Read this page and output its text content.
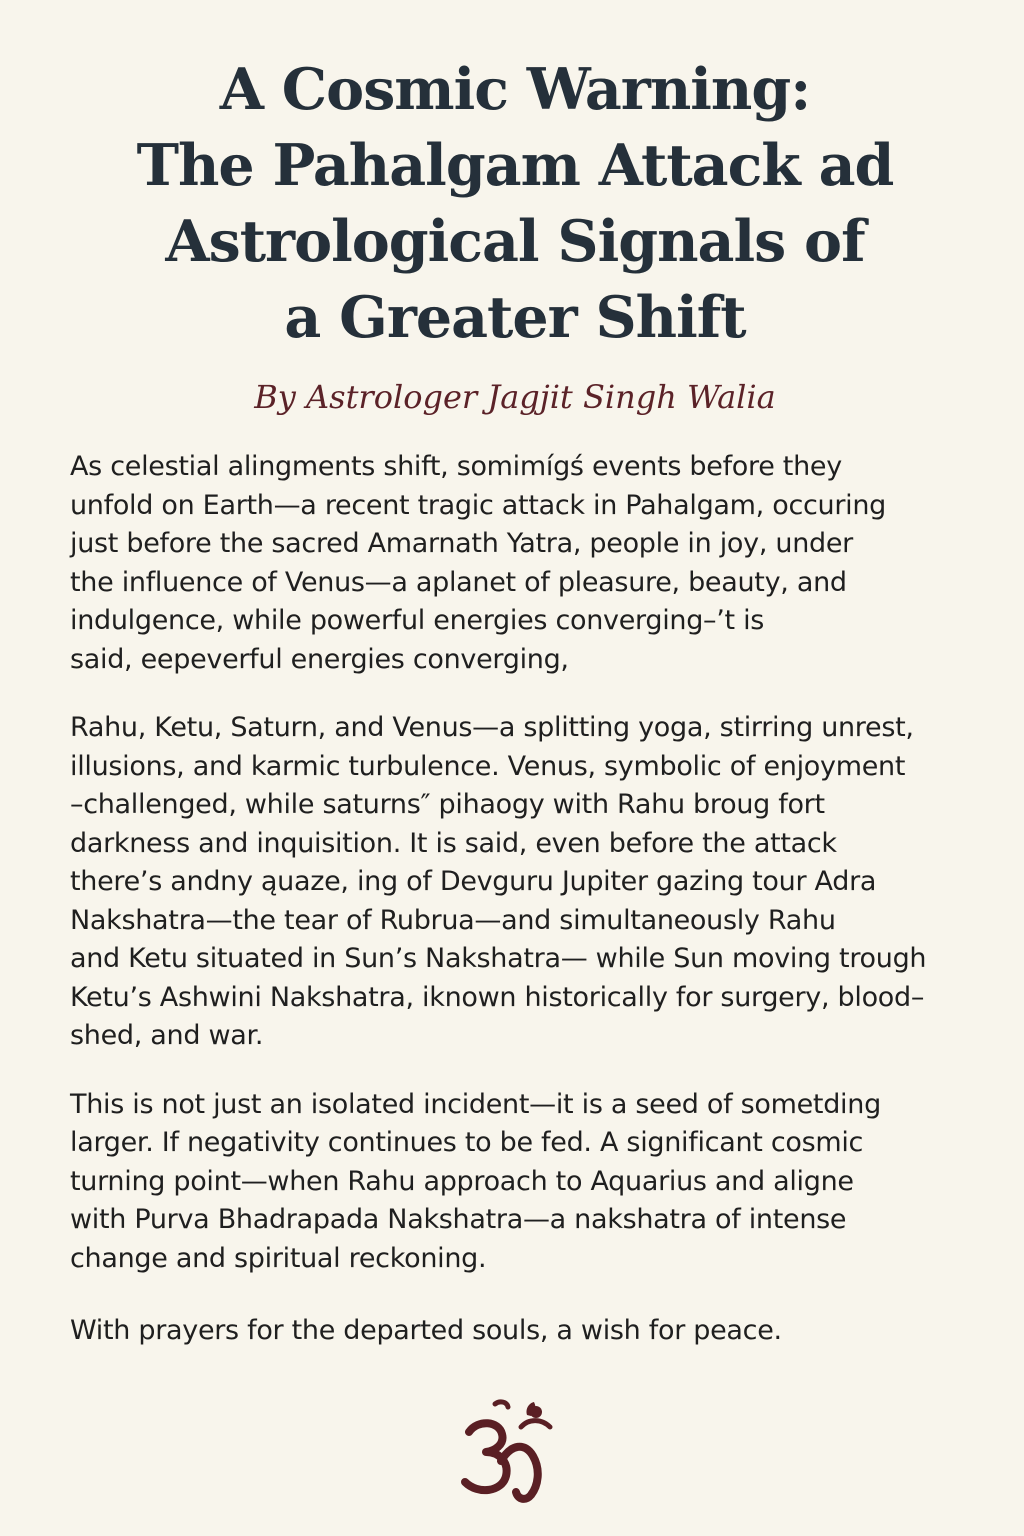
A Cosmic Warning:
The Pahalgam Attack ad
Astrological Signals of
a Greater Shift

By Astrologer Jagjit Singh Walia

As celestial alingments shift, somimígś events before they
unfold on Earth—a recent tragic attack in Pahalgam, occuring
just before the sacred Amarnath Yatra, people in joy, under
the influence of Venus—a aplanet of pleasure, beauty, and
indulgence, while powerful energies converging–ʼt is
said, eepeverful energies converging,

Rahu, Ketu, Saturn, and Venus—a splitting yoga, stirring unrest,
illusions, and karmic turbulence. Venus, symbolic of enjoyment
–challenged, while saturns″ pihaogy with Rahu broug fort
darkness and inquisition. It is said, even before the attack
there’s andny ąuaze, ing of Devguru Jupiter gazing tour Adra
Nakshatra—the tear of Rubrua—and simultaneously Rahu
and Ketu situated in Sun’s Nakshatra— while Sun moving trough
Ketu’s Ashwini Nakshatra, iknown historically for surgery, blood–
shed, and war.

This is not just an isolated incident—it is a seed of sometding
larger. If negativity continues to be fed. A significant cosmic
turning point—when Rahu approach to Aquarius and aligne
with Purva Bhadrapada Nakshatra—a nakshatra of intense
change and spiritual reckoning.

With prayers for the departed souls, a wish for peace.
